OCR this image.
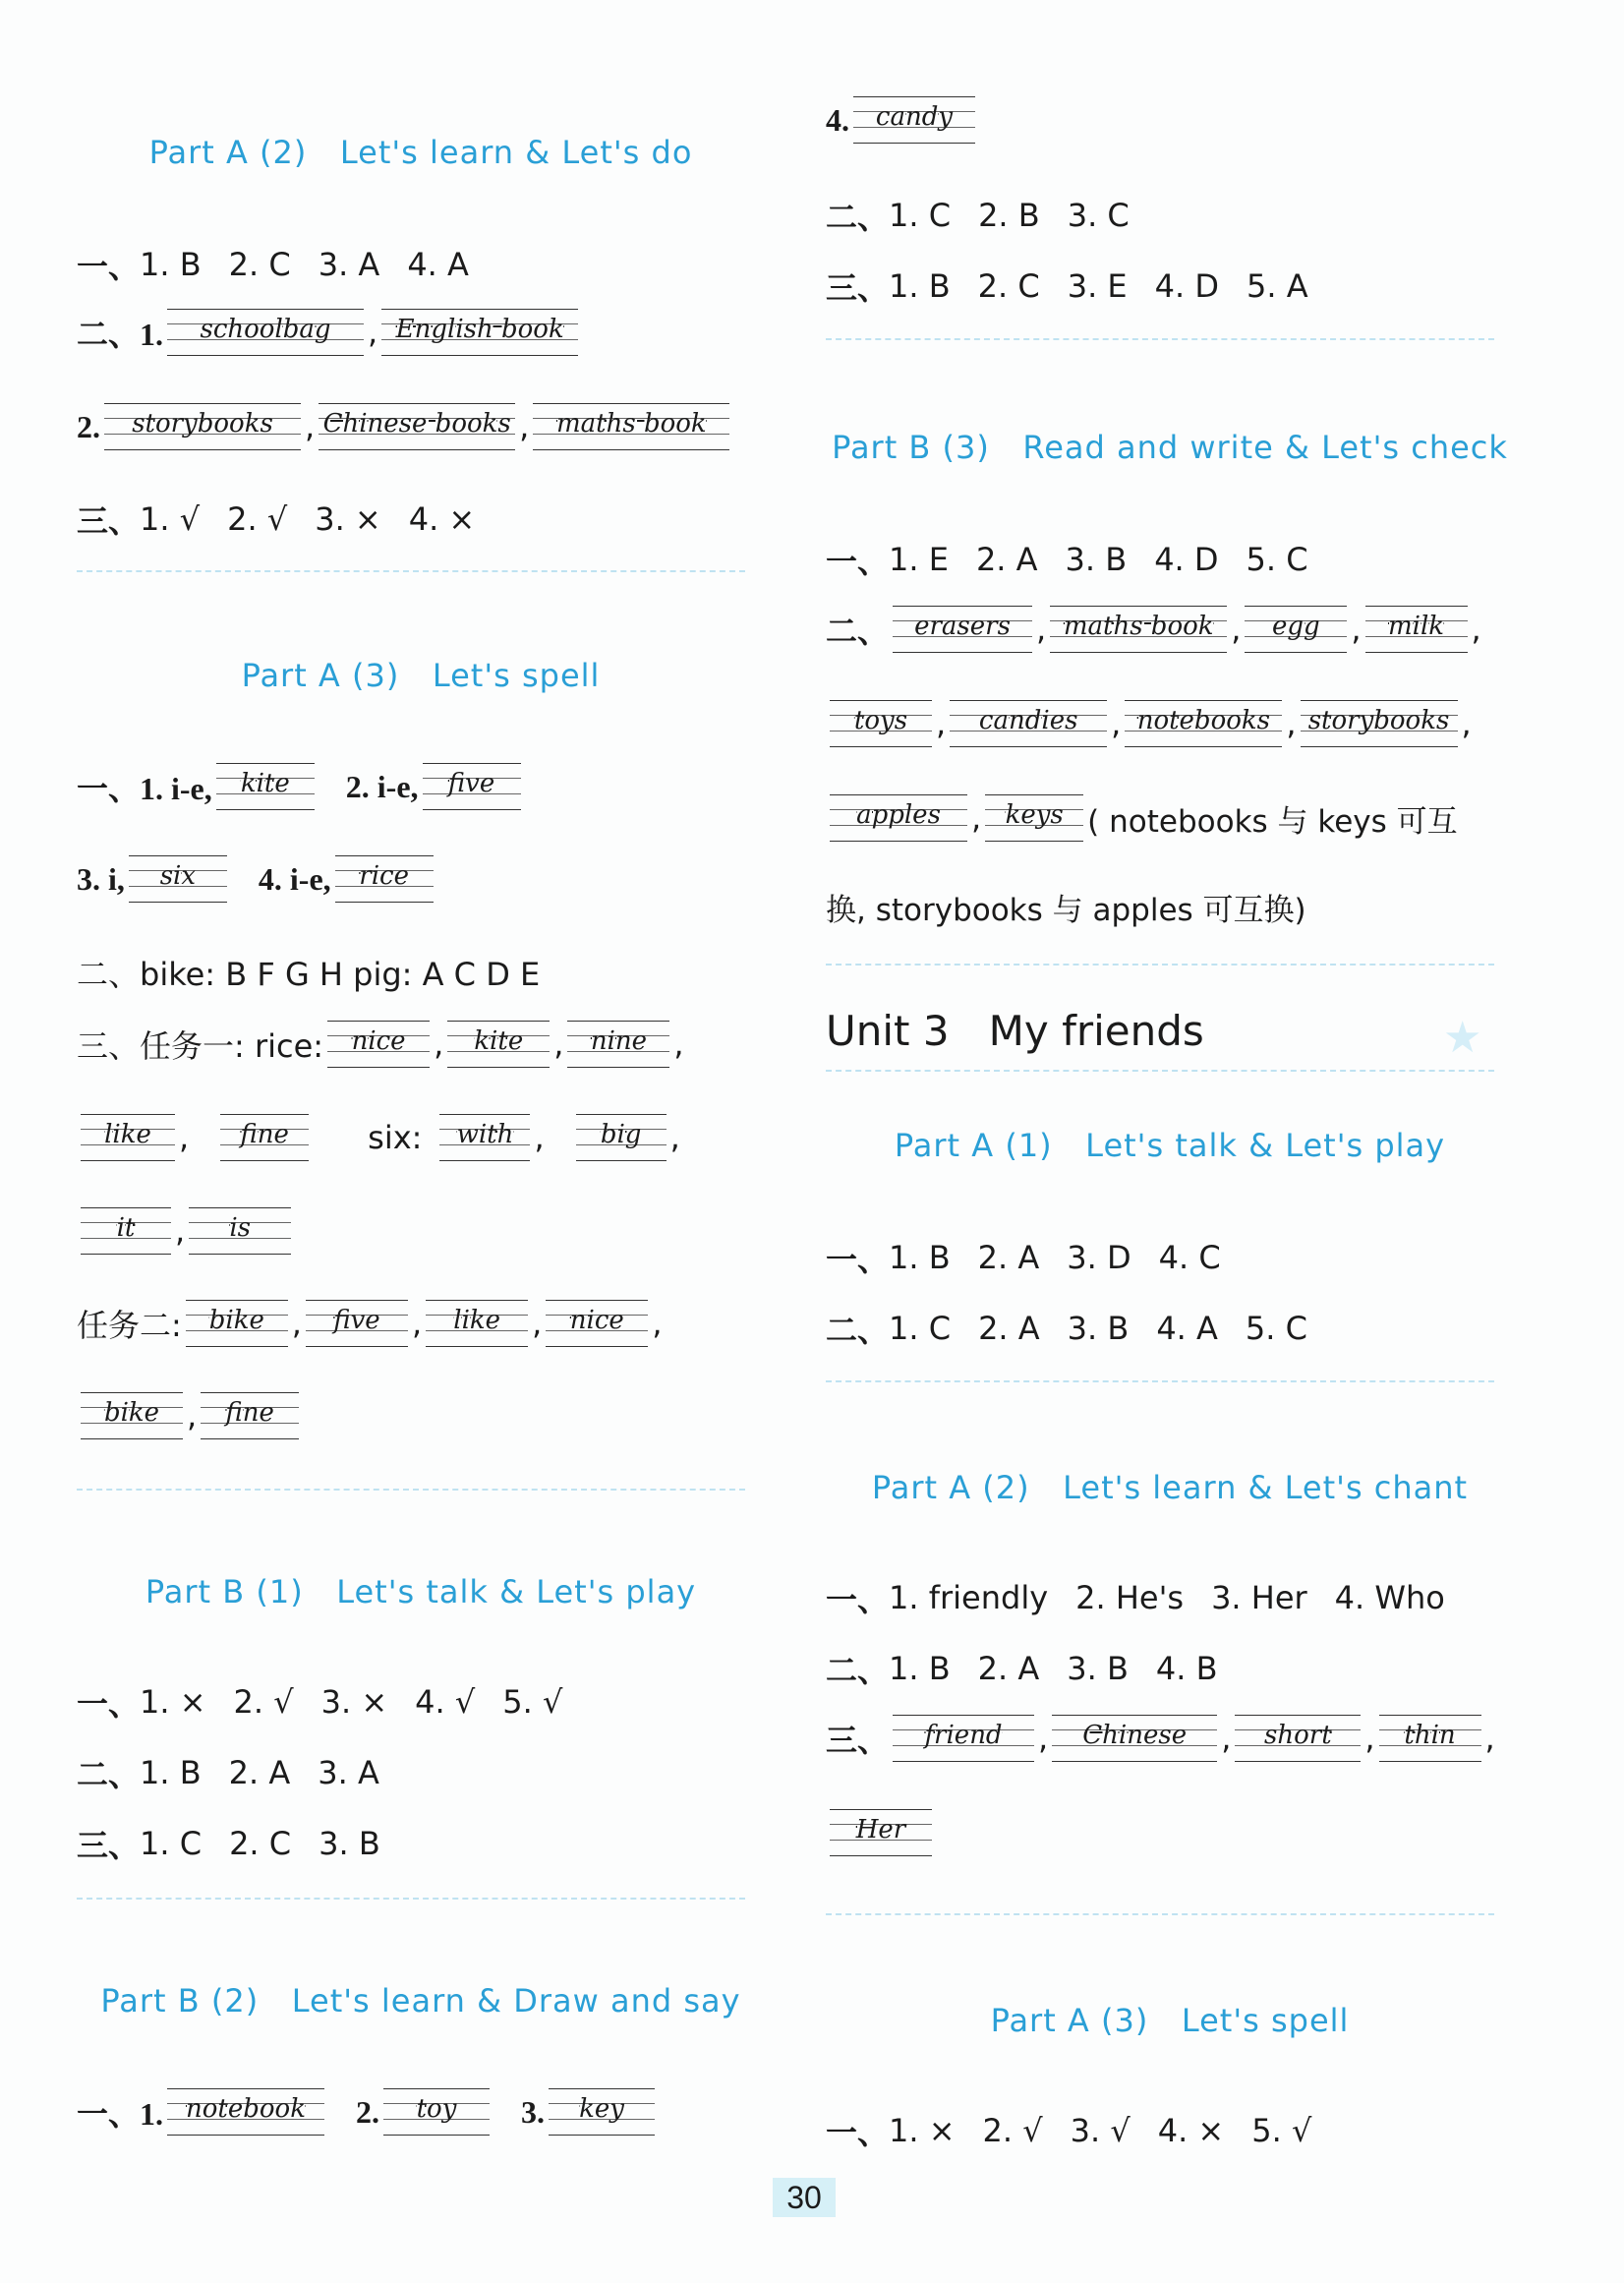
Part A (2)   Let's learn & Let's do
一、 1. B 2. C 3. A 4. A
二、1.	schoolbag	, English book
2.	storybooks	, Chinese books ,	maths book
三、 1. √ 2. √ 3. × 4. ×
Part A (3)   Let's spell
一、1. i-e,	kite	2. i-e,	five
3. i,	six	4. i-e,	rice
二、bike: B F G H pig: A C D E
三、任务一: rice:	nice ,	kite ,	nine ,
like ,	fine	six:	with ,	big ,
it	,	is
任务二:	bike ,	five	,	like	,	nice ,
bike ,	fine
Part B (1)   Let's talk & Let's play
一、 1. × 2. √ 3. × 4. √ 5. √
二、 1. B 2. A 3. A
三、 1. C 2. C 3. B
Part B (2)   Let's learn & Draw and say
一、1. notebook	2.	toy	3.	key
4.	candy
二、 1. C 2. B 3. C
三、 1. B 2. C 3. E 4. D 5. A
Part B (3)   Read and write & Let's check
一、 1. E 2. A 3. B 4. D 5. C
二、	erasers , maths book ,	egg ,	milk ,
toys ,	candies	, notebooks , storybooks ,
apples , keys ( notebooks 与 keys 可互
换, storybooks 与 apples 可互换)
Unit 3   My friends	★
Part A (1)   Let's talk & Let's play
一、 1. B 2. A 3. D 4. C
二、 1. C 2. A 3. B 4. A 5. C
Part A (2)   Let's learn & Let's chant
一、 1. friendly 2. He's 3. Her 4. Who
二、 1. B 2. A 3. B 4. B
三、	friend	,	Chinese	,	short	,	thin ,
Her
Part A (3)   Let's spell
一、 1. × 2. √ 3. √ 4. × 5. √
30
